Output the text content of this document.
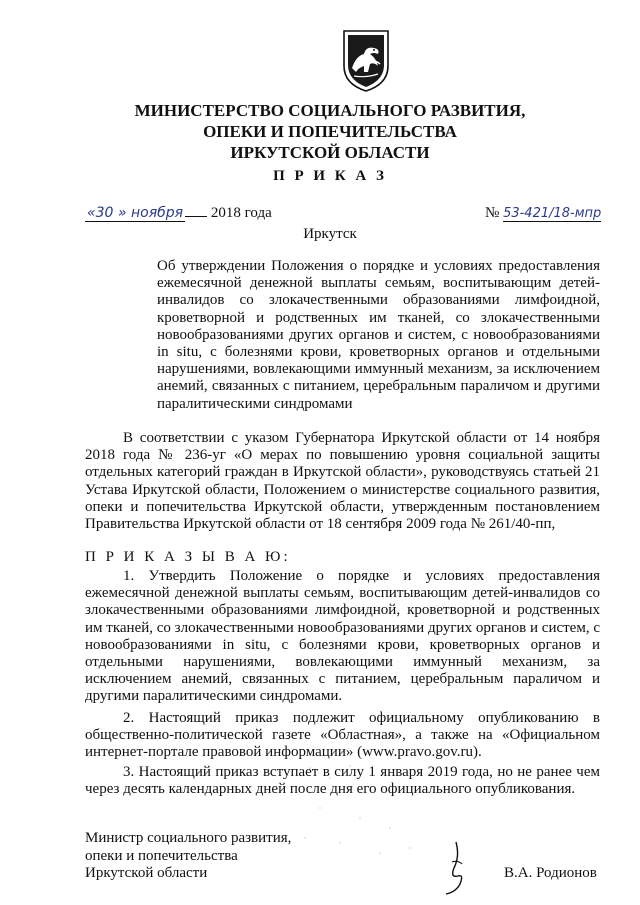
МИНИСТЕРСТВО СОЦИАЛЬНОГО РАЗВИТИЯ,
ОПЕКИ И ПОПЕЧИТЕЛЬСТВА
ИРКУТСКОЙ ОБЛАСТИ
П Р И К А З
«30 » ноября 2018 года	№ 53-421/18-мпр
Иркутск
Об утверждении Положения о порядке и условиях предоставления ежемесячной денежной выплаты семьям, воспитывающим детей-инвалидов со злокачественными образованиями лимфоидной, кроветворной и родственных им тканей, со злокачественными новообразованиями других органов и систем, с новообразованиями in situ, с болезнями крови, кроветворных органов и отдельными нарушениями, вовлекающими иммунный механизм, за исключением анемий, связанных с питанием, церебральным параличом и другими паралитическими синдромами
В соответствии с указом Губернатора Иркутской области от 14 ноября 2018 года № 236-уг «О мерах по повышению уровня социальной защиты отдельных категорий граждан в Иркутской области», руководствуясь статьей 21 Устава Иркутской области, Положением о министерстве социального развития, опеки и попечительства Иркутской области, утвержденным постановлением Правительства Иркутской области от 18 сентября 2009 года № 261/40-пп,
П Р И К А З Ы В А Ю:
1. Утвердить Положение о порядке и условиях предоставления ежемесячной денежной выплаты семьям, воспитывающим детей-инвалидов со злокачественными образованиями лимфоидной, кроветворной и родственных им тканей, со злокачественными новообразованиями других органов и систем, с новообразованиями in situ, с болезнями крови, кроветворных органов и отдельными нарушениями, вовлекающими иммунный механизм, за исключением анемий, связанных с питанием, церебральным параличом и другими паралитическими синдромами.
2. Настоящий приказ подлежит официальному опубликованию в общественно-политической газете «Областная», а также на «Официальном интернет-портале правовой информации» (www.pravo.gov.ru).
3. Настоящий приказ вступает в силу 1 января 2019 года, но не ранее чем через десять календарных дней после дня его официального опубликования.
Министр социального развития,
опеки и попечительства
Иркутской области	В.А. Родионов
